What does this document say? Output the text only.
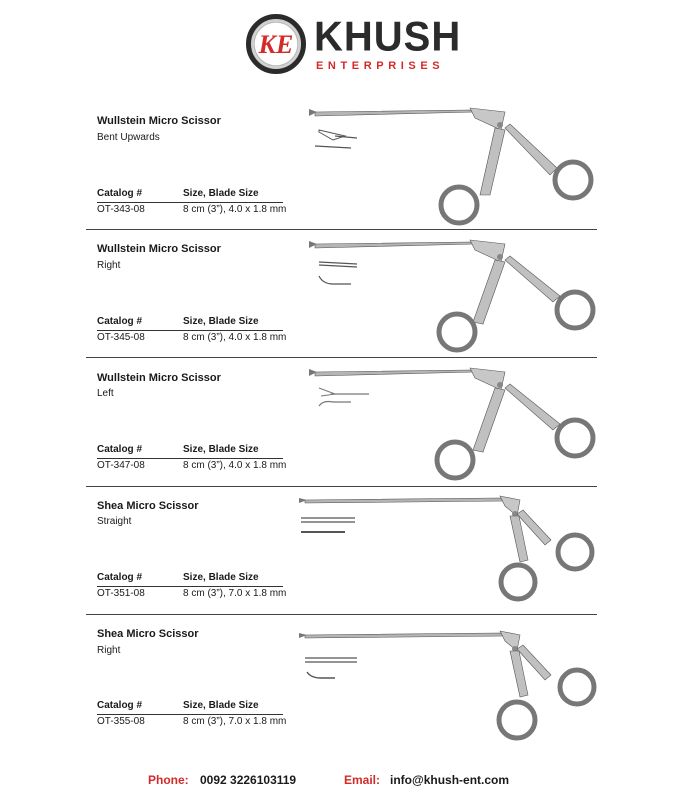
KE KHUSH
ENTERPRISES
Wullstein Micro Scissor
Bent Upwards
Catalog #	Size, Blade Size
OT-343-08	8 cm (3”), 4.0 x 1.8 mm
Wullstein Micro Scissor
Right
Catalog #	Size, Blade Size
OT-345-08	8 cm (3”), 4.0 x 1.8 mm
Wullstein Micro Scissor
Left
Catalog #	Size, Blade Size
OT-347-08	8 cm (3”), 4.0 x 1.8 mm
Shea Micro Scissor
Straight
Catalog #	Size, Blade Size
OT-351-08	8 cm (3”), 7.0 x 1.8 mm
Shea Micro Scissor
Right
Catalog #	Size, Blade Size
OT-355-08	8 cm (3”), 7.0 x 1.8 mm
Phone: 0092 3226103119	Email: info@khush-ent.com
